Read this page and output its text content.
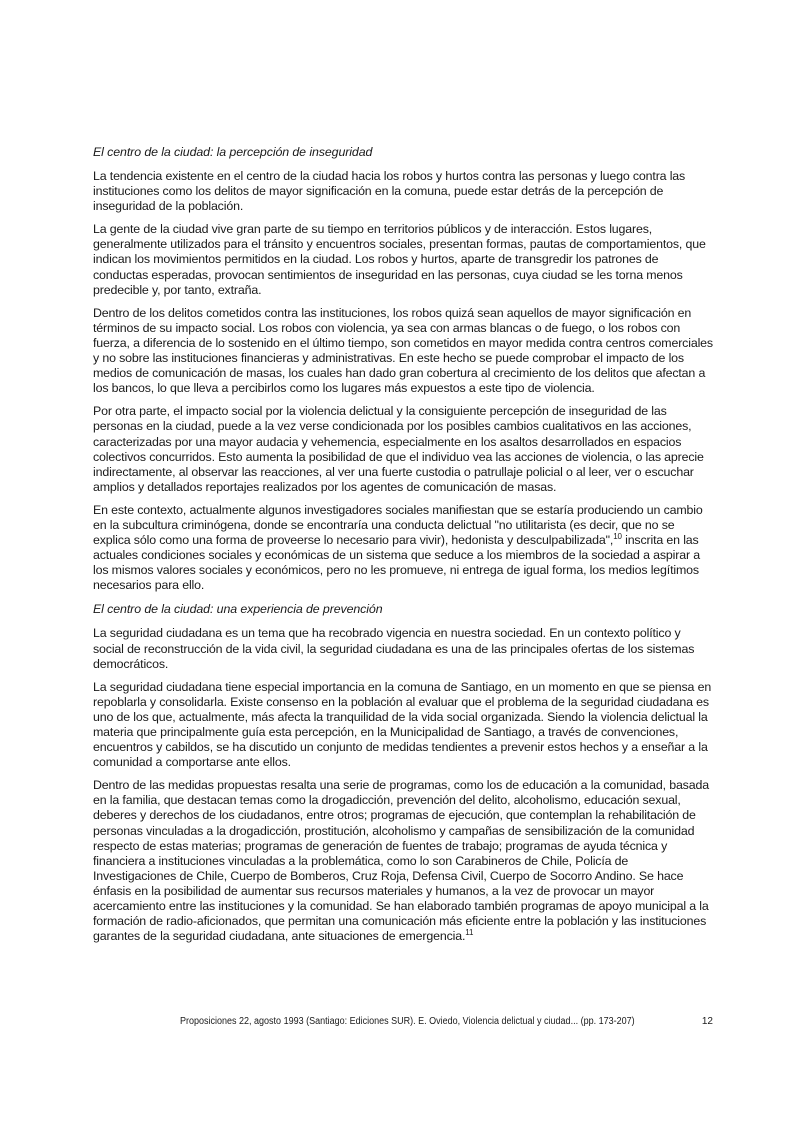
El centro de la ciudad: la percepción de inseguridad

La tendencia existente en el centro de la ciudad hacia los robos y hurtos contra las personas y luego contra las instituciones como los delitos de mayor significación en la comuna, puede estar detrás de la percepción de inseguridad de la población.

La gente de la ciudad vive gran parte de su tiempo en territorios públicos y de interacción. Estos lugares, generalmente utilizados para el tránsito y encuentros sociales, presentan formas, pautas de comportamientos, que indican los movimientos permitidos en la ciudad. Los robos y hurtos, aparte de transgredir los patrones de conductas esperadas, provocan sentimientos de inseguridad en las personas, cuya ciudad se les torna menos predecible y, por tanto, extraña.

Dentro de los delitos cometidos contra las instituciones, los robos quizá sean aquellos de mayor significación en términos de su impacto social. Los robos con violencia, ya sea con armas blancas o de fuego, o los robos con fuerza, a diferencia de lo sostenido en el último tiempo, son cometidos en mayor medida contra centros comerciales y no sobre las instituciones financieras y administrativas. En este hecho se puede comprobar el impacto de los medios de comunicación de masas, los cuales han dado gran cobertura al crecimiento de los delitos que afectan a los bancos, lo que lleva a percibirlos como los lugares más expuestos a este tipo de violencia.

Por otra parte, el impacto social por la violencia delictual y la consiguiente percepción de inseguridad de las personas en la ciudad, puede a la vez verse condicionada por los posibles cambios cualitativos en las acciones, caracterizadas por una mayor audacia y vehemencia, especialmente en los asaltos desarrollados en espacios colectivos concurridos. Esto aumenta la posibilidad de que el individuo vea las acciones de violencia, o las aprecie indirectamente, al observar las reacciones, al ver una fuerte custodia o patrullaje policial o al leer, ver o escuchar amplios y detallados reportajes realizados por los agentes de comunicación de masas.

En este contexto, actualmente algunos investigadores sociales manifiestan que se estaría produciendo un cambio en la subcultura criminógena, donde se encontraría una conducta delictual "no utilitarista (es decir, que no se explica sólo como una forma de proveerse lo necesario para vivir), hedonista y desculpabilizada",$^{10}$ inscrita en las actuales condiciones sociales y económicas de un sistema que seduce a los miembros de la sociedad a aspirar a los mismos valores sociales y económicos, pero no les promueve, ni entrega de igual forma, los medios legítimos necesarios para ello.

El centro de la ciudad: una experiencia de prevención

La seguridad ciudadana es un tema que ha recobrado vigencia en nuestra sociedad. En un contexto político y social de reconstrucción de la vida civil, la seguridad ciudadana es una de las principales ofertas de los sistemas democráticos.

La seguridad ciudadana tiene especial importancia en la comuna de Santiago, en un momento en que se piensa en repoblarla y consolidarla. Existe consenso en la población al evaluar que el problema de la seguridad ciudadana es uno de los que, actualmente, más afecta la tranquilidad de la vida social organizada. Siendo la violencia delictual la materia que principalmente guía esta percepción, en la Municipalidad de Santiago, a través de convenciones, encuentros y cabildos, se ha discutido un conjunto de medidas tendientes a prevenir estos hechos y a enseñar a la comunidad a comportarse ante ellos.

Dentro de las medidas propuestas resalta una serie de programas, como los de educación a la comunidad, basada en la familia, que destacan temas como la drogadicción, prevención del delito, alcoholismo, educación sexual, deberes y derechos de los ciudadanos, entre otros; programas de ejecución, que contemplan la rehabilitación de personas vinculadas a la drogadicción, prostitución, alcoholismo y campañas de sensibilización de la comunidad respecto de estas materias; programas de generación de fuentes de trabajo; programas de ayuda técnica y financiera a instituciones vinculadas a la problemática, como lo son Carabineros de Chile, Policía de Investigaciones de Chile, Cuerpo de Bomberos, Cruz Roja, Defensa Civil, Cuerpo de Socorro Andino. Se hace énfasis en la posibilidad de aumentar sus recursos materiales y humanos, a la vez de provocar un mayor acercamiento entre las instituciones y la comunidad. Se han elaborado también programas de apoyo municipal a la formación de radio-aficionados, que permitan una comunicación más eficiente entre la población y las instituciones garantes de la seguridad ciudadana, ante situaciones de emergencia.$^{11}$

Proposiciones 22, agosto 1993 (Santiago: Ediciones SUR). E. Oviedo, Violencia delictual y ciudad... (pp. 173-207)	12
